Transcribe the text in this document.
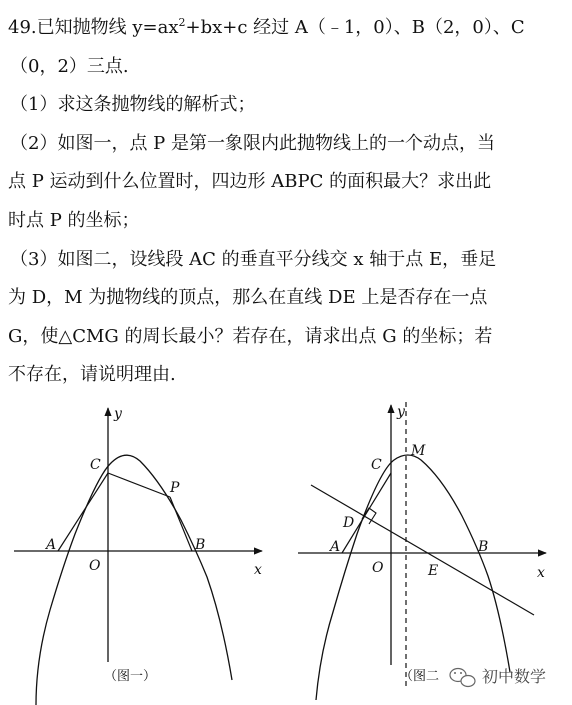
49.已知抛物线 $y=ax^2+bx+c$ 经过 A（﹣1，0）、B（2，0）、C
（0，2）三点.
（1）求这条抛物线的解析式；
（2）如图一，点 P 是第一象限内此抛物线上的一个动点，当
点 P 运动到什么位置时，四边形 ABPC 的面积最大？求出此
时点 P 的坐标；
（3）如图二，设线段 AC 的垂直平分线交 x 轴于点 E，垂足
为 D，M 为抛物线的顶点，那么在直线 DE 上是否存在一点
G，使△CMG 的周长最小？若存在，请求出点 G 的坐标；若
不存在，请说明理由.
y
x
O
A	B
C
P
（图一）
y
x
O
A	B
C
M
D
E
（图二	初中数学
